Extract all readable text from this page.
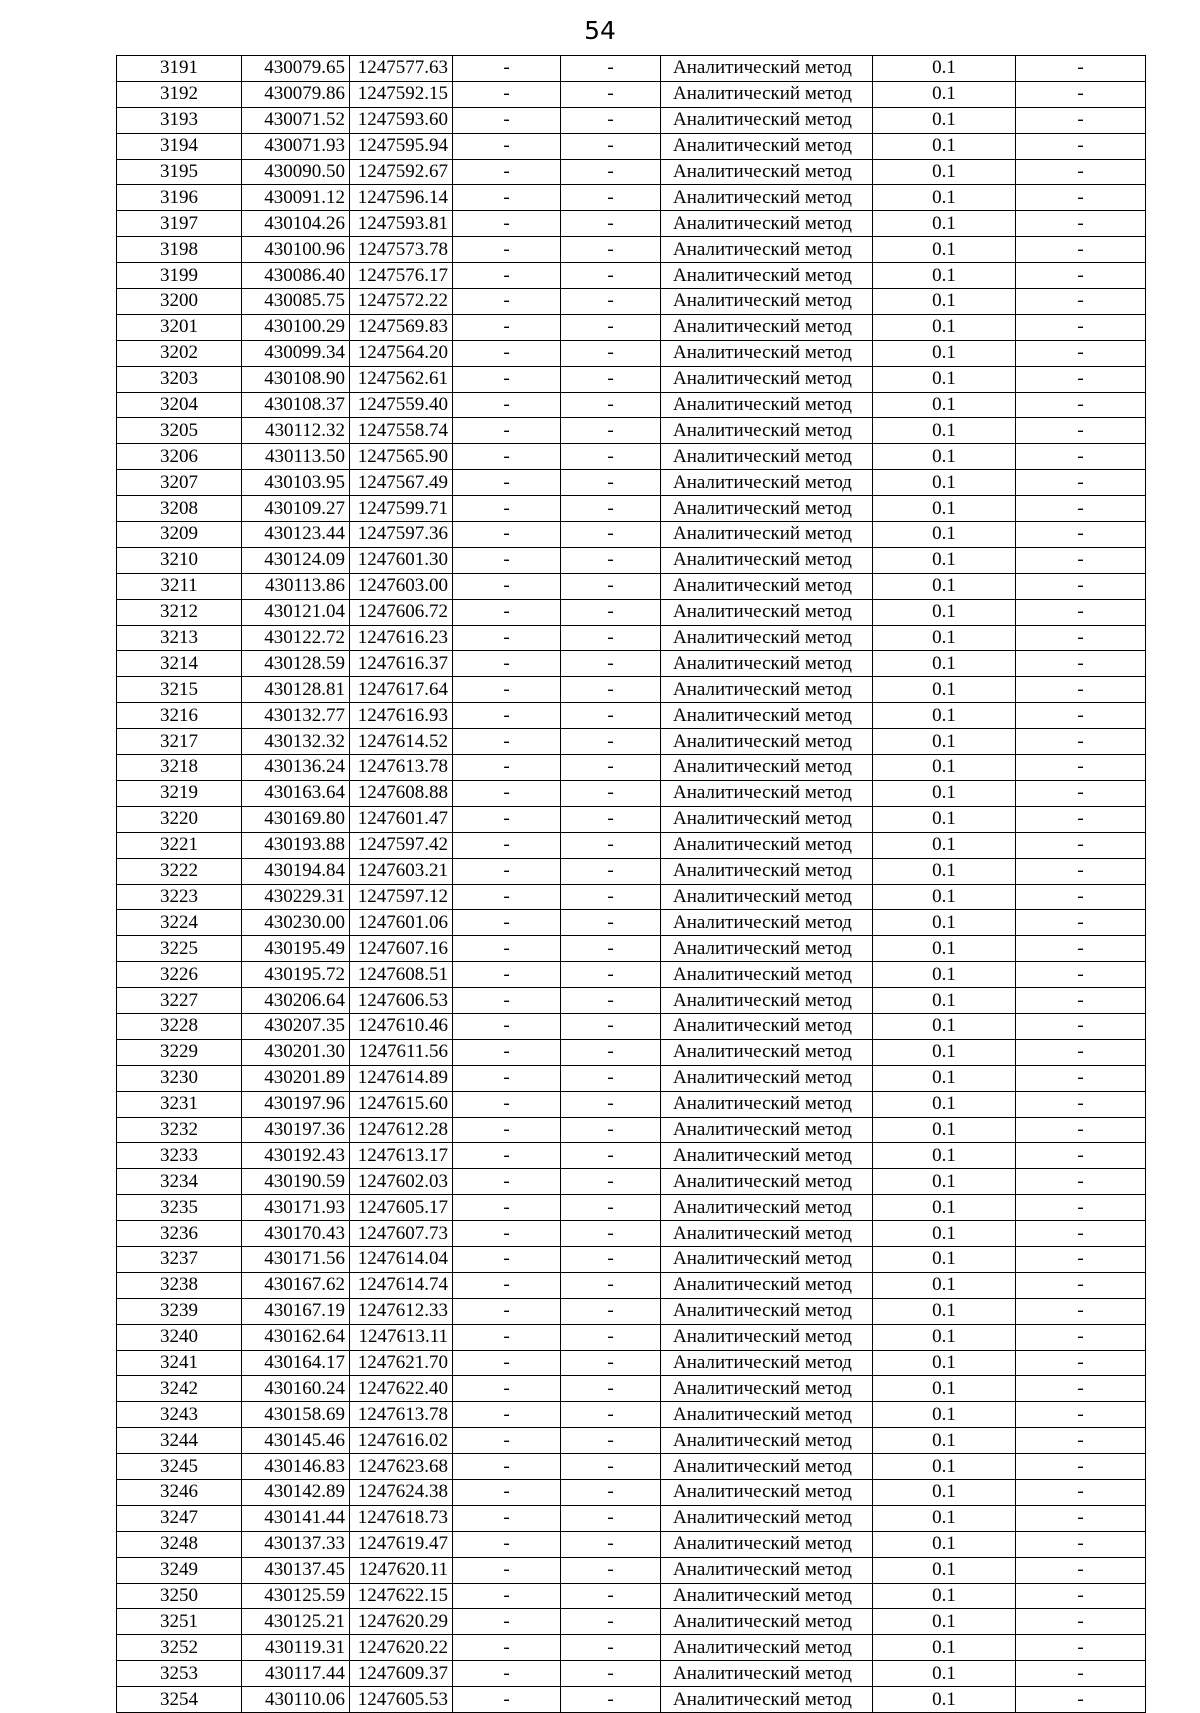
54
3191	430079.65	1247577.63	-	-	Аналитический метод	0.1	-
3192	430079.86	1247592.15	-	-	Аналитический метод	0.1	-
3193	430071.52	1247593.60	-	-	Аналитический метод	0.1	-
3194	430071.93	1247595.94	-	-	Аналитический метод	0.1	-
3195	430090.50	1247592.67	-	-	Аналитический метод	0.1	-
3196	430091.12	1247596.14	-	-	Аналитический метод	0.1	-
3197	430104.26	1247593.81	-	-	Аналитический метод	0.1	-
3198	430100.96	1247573.78	-	-	Аналитический метод	0.1	-
3199	430086.40	1247576.17	-	-	Аналитический метод	0.1	-
3200	430085.75	1247572.22	-	-	Аналитический метод	0.1	-
3201	430100.29	1247569.83	-	-	Аналитический метод	0.1	-
3202	430099.34	1247564.20	-	-	Аналитический метод	0.1	-
3203	430108.90	1247562.61	-	-	Аналитический метод	0.1	-
3204	430108.37	1247559.40	-	-	Аналитический метод	0.1	-
3205	430112.32	1247558.74	-	-	Аналитический метод	0.1	-
3206	430113.50	1247565.90	-	-	Аналитический метод	0.1	-
3207	430103.95	1247567.49	-	-	Аналитический метод	0.1	-
3208	430109.27	1247599.71	-	-	Аналитический метод	0.1	-
3209	430123.44	1247597.36	-	-	Аналитический метод	0.1	-
3210	430124.09	1247601.30	-	-	Аналитический метод	0.1	-
3211	430113.86	1247603.00	-	-	Аналитический метод	0.1	-
3212	430121.04	1247606.72	-	-	Аналитический метод	0.1	-
3213	430122.72	1247616.23	-	-	Аналитический метод	0.1	-
3214	430128.59	1247616.37	-	-	Аналитический метод	0.1	-
3215	430128.81	1247617.64	-	-	Аналитический метод	0.1	-
3216	430132.77	1247616.93	-	-	Аналитический метод	0.1	-
3217	430132.32	1247614.52	-	-	Аналитический метод	0.1	-
3218	430136.24	1247613.78	-	-	Аналитический метод	0.1	-
3219	430163.64	1247608.88	-	-	Аналитический метод	0.1	-
3220	430169.80	1247601.47	-	-	Аналитический метод	0.1	-
3221	430193.88	1247597.42	-	-	Аналитический метод	0.1	-
3222	430194.84	1247603.21	-	-	Аналитический метод	0.1	-
3223	430229.31	1247597.12	-	-	Аналитический метод	0.1	-
3224	430230.00	1247601.06	-	-	Аналитический метод	0.1	-
3225	430195.49	1247607.16	-	-	Аналитический метод	0.1	-
3226	430195.72	1247608.51	-	-	Аналитический метод	0.1	-
3227	430206.64	1247606.53	-	-	Аналитический метод	0.1	-
3228	430207.35	1247610.46	-	-	Аналитический метод	0.1	-
3229	430201.30	1247611.56	-	-	Аналитический метод	0.1	-
3230	430201.89	1247614.89	-	-	Аналитический метод	0.1	-
3231	430197.96	1247615.60	-	-	Аналитический метод	0.1	-
3232	430197.36	1247612.28	-	-	Аналитический метод	0.1	-
3233	430192.43	1247613.17	-	-	Аналитический метод	0.1	-
3234	430190.59	1247602.03	-	-	Аналитический метод	0.1	-
3235	430171.93	1247605.17	-	-	Аналитический метод	0.1	-
3236	430170.43	1247607.73	-	-	Аналитический метод	0.1	-
3237	430171.56	1247614.04	-	-	Аналитический метод	0.1	-
3238	430167.62	1247614.74	-	-	Аналитический метод	0.1	-
3239	430167.19	1247612.33	-	-	Аналитический метод	0.1	-
3240	430162.64	1247613.11	-	-	Аналитический метод	0.1	-
3241	430164.17	1247621.70	-	-	Аналитический метод	0.1	-
3242	430160.24	1247622.40	-	-	Аналитический метод	0.1	-
3243	430158.69	1247613.78	-	-	Аналитический метод	0.1	-
3244	430145.46	1247616.02	-	-	Аналитический метод	0.1	-
3245	430146.83	1247623.68	-	-	Аналитический метод	0.1	-
3246	430142.89	1247624.38	-	-	Аналитический метод	0.1	-
3247	430141.44	1247618.73	-	-	Аналитический метод	0.1	-
3248	430137.33	1247619.47	-	-	Аналитический метод	0.1	-
3249	430137.45	1247620.11	-	-	Аналитический метод	0.1	-
3250	430125.59	1247622.15	-	-	Аналитический метод	0.1	-
3251	430125.21	1247620.29	-	-	Аналитический метод	0.1	-
3252	430119.31	1247620.22	-	-	Аналитический метод	0.1	-
3253	430117.44	1247609.37	-	-	Аналитический метод	0.1	-
3254	430110.06	1247605.53	-	-	Аналитический метод	0.1	-
